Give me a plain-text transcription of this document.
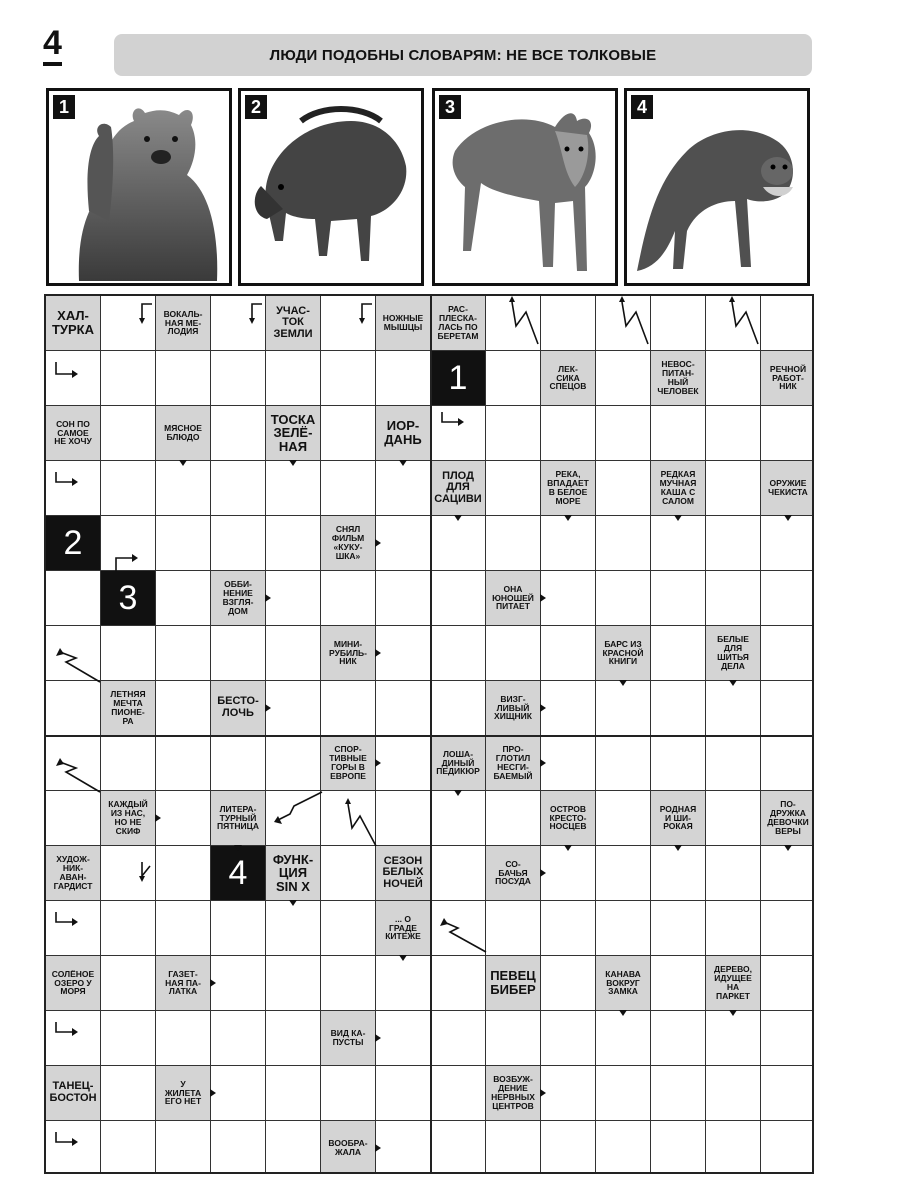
4	ЛЮДИ ПОДОБНЫ СЛОВАРЯМ: НЕ ВСЕ ТОЛКОВЫЕ
1	2	3	4
ХАЛ-
ТУРКА
ВОКАЛЬ-
НАЯ МЕ-
ЛОДИЯ
УЧАС-
ТОК
ЗЕМЛИ
НОЖНЫЕ
МЫШЦЫ
РАС-
ПЛЕСКА-
ЛАСЬ ПО
БЕРЕТАМ
1	ЛЕК-
СИКА
СПЕЦОВ
НЕВОС-
ПИТАН-
НЫЙ
ЧЕЛОВЕК
РЕЧНОЙ
РАБОТ-
НИК
СОН ПО
САМОЕ
НЕ ХОЧУ
МЯСНОЕ
БЛЮДО
ТОСКА
ЗЕЛЁ-
НАЯ
ИОР-
ДАНЬ
ПЛОД
ДЛЯ
САЦИВИ
РЕКА,
ВПАДАЕТ
В БЕЛОЕ
МОРЕ
РЕДКАЯ
МУЧНАЯ
КАША С
САЛОМ
ОРУЖИЕ
ЧЕКИСТА
2	СНЯЛ
ФИЛЬМ
«КУКУ-
ШКА»
3	ОББИ-
НЕНИЕ
ВЗГЛЯ-
ДОМ
ОНА
ЮНОШЕЙ
ПИТАЕТ
МИНИ-
РУБИЛЬ-
НИК
БАРС ИЗ
КРАСНОЙ
КНИГИ
БЕЛЫЕ
ДЛЯ
ШИТЬЯ
ДЕЛА
ЛЕТНЯЯ
МЕЧТА
ПИОНЕ-
РА
БЕСТО-
ЛОЧЬ
ВИЗГ-
ЛИВЫЙ
ХИЩНИК
СПОР-
ТИВНЫЕ
ГОРЫ В
ЕВРОПЕ
ЛОША-
ДИНЫЙ
ПЕДИКЮР
ПРО-
ГЛОТИЛ
НЕСГИ-
БАЕМЫЙ
КАЖДЫЙ
ИЗ НАС,
НО НЕ
СКИФ
ЛИТЕРА-
ТУРНЫЙ
ПЯТНИЦА
ОСТРОВ
КРЕСТО-
НОСЦЕВ
РОДНАЯ
И ШИ-
РОКАЯ
ПО-
ДРУЖКА
ДЕВОЧКИ
ВЕРЫ
ХУДОЖ-
НИК-
АВАН-
ГАРДИСТ	4	ФУНК-
ЦИЯ
SIN X
СЕЗОН
БЕЛЫХ
НОЧЕЙ
СО-
БАЧЬЯ
ПОСУДА
... О
ГРАДЕ
КИТЕЖЕ
СОЛЁНОЕ
ОЗЕРО У
МОРЯ
ГАЗЕТ-
НАЯ ПА-
ЛАТКА
ПЕВЕЦ
БИБЕР
КАНАВА
ВОКРУГ
ЗАМКА
ДЕРЕВО,
ИДУЩЕЕ
НА
ПАРКЕТ
ВИД КА-
ПУСТЫ
ТАНЕЦ-
БОСТОН
У
ЖИЛЕТА
ЕГО НЕТ
ВОЗБУЖ-
ДЕНИЕ
НЕРВНЫХ
ЦЕНТРОВ
ВООБРА-
ЖАЛА
